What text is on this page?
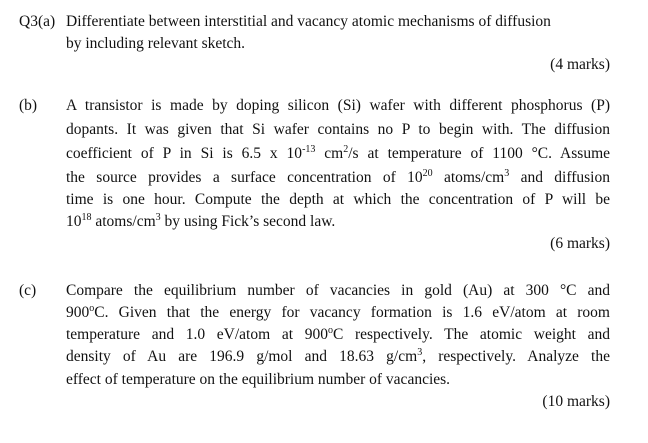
Q3(a) Differentiate between interstitial and vacancy atomic mechanisms of diffusion
by including relevant sketch.
(4 marks)
(b) A transistor is made by doping silicon (Si) wafer with different phosphorus (P)
dopants. It was given that Si wafer contains no P to begin with. The diffusion
coefficient of P in Si is 6.5 x $10^{-13}$ $cm^2/s$ at temperature of 1100 °C. Assume
the source provides a surface concentration of $10^{20}$ atoms/$cm^3$ and diffusion
time is one hour. Compute the depth at which the concentration of P will be
$10^{18}$ atoms/$cm^3$ by using Fick’s second law.
(6 marks)
(c) Compare the equilibrium number of vacancies in gold (Au) at 300 °C and
900$^o$C. Given that the energy for vacancy formation is 1.6 eV/atom at room
temperature and 1.0 eV/atom at 900$^o$C respectively. The atomic weight and
density of Au are 196.9 g/mol and 18.63 $g/cm^3$, respectively. Analyze the
effect of temperature on the equilibrium number of vacancies.
(10 marks)
